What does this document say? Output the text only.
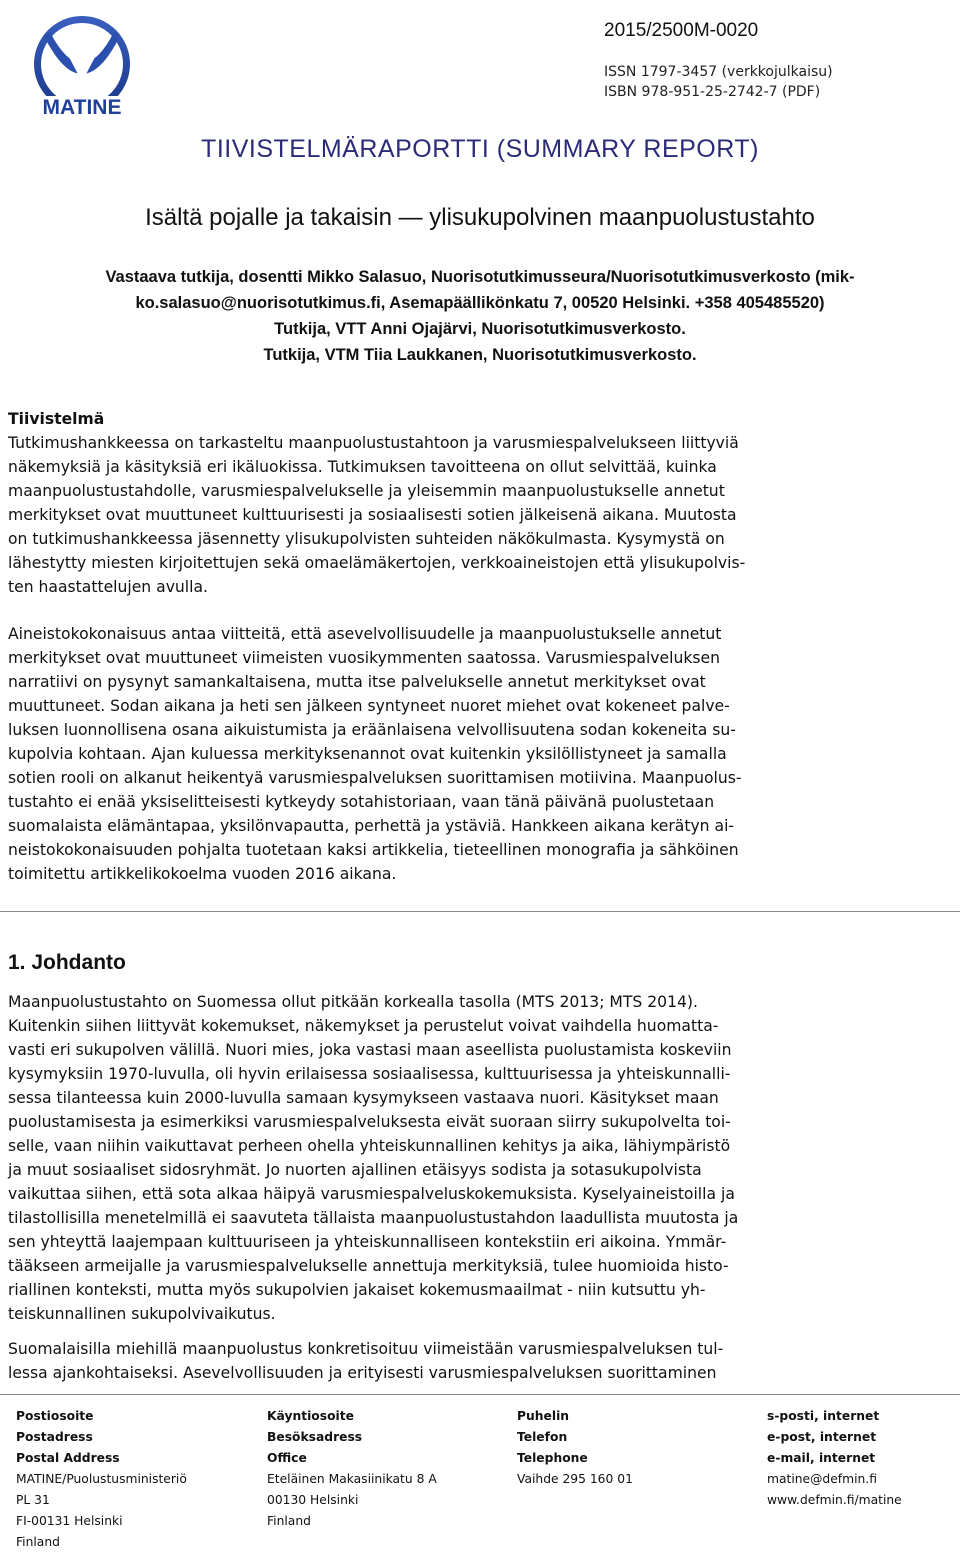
MATINE
2015/2500M-0020
ISSN 1797-3457 (verkkojulkaisu)
ISBN 978-951-25-2742-7 (PDF)
TIIVISTELMÄRAPORTTI (SUMMARY REPORT)
Isältä pojalle ja takaisin — ylisukupolvinen maanpuolustustahto
Vastaava tutkija, dosentti Mikko Salasuo, Nuorisotutkimusseura/Nuorisotutkimusverkosto (mik-
ko.salasuo@nuorisotutkimus.fi, Asemapäällikönkatu 7, 00520 Helsinki. +358 405485520)
Tutkija, VTT Anni Ojajärvi, Nuorisotutkimusverkosto.
Tutkija, VTM Tiia Laukkanen, Nuorisotutkimusverkosto.
Tiivistelmä

Tutkimushankkeessa on tarkasteltu maanpuolustustahtoon ja varusmiespalvelukseen liittyviä
näkemyksiä ja käsityksiä eri ikäluokissa. Tutkimuksen tavoitteena on ollut selvittää, kuinka
maanpuolustustahdolle, varusmiespalvelukselle ja yleisemmin maanpuolustukselle annetut
merkitykset ovat muuttuneet kulttuurisesti ja sosiaalisesti sotien jälkeisenä aikana. Muutosta
on tutkimushankkeessa jäsennetty ylisukupolvisten suhteiden näkökulmasta. Kysymystä on
lähestytty miesten kirjoitettujen sekä omaelämäkertojen, verkkoaineistojen että ylisukupolvis-
ten haastattelujen avulla.

Aineistokokonaisuus antaa viitteitä, että asevelvollisuudelle ja maanpuolustukselle annetut
merkitykset ovat muuttuneet viimeisten vuosikymmenten saatossa. Varusmiespalveluksen
narratiivi on pysynyt samankaltaisena, mutta itse palvelukselle annetut merkitykset ovat
muuttuneet. Sodan aikana ja heti sen jälkeen syntyneet nuoret miehet ovat kokeneet palve-
luksen luonnollisena osana aikuistumista ja eräänlaisena velvollisuutena sodan kokeneita su-
kupolvia kohtaan. Ajan kuluessa merkityksenannot ovat kuitenkin yksilöllistyneet ja samalla
sotien rooli on alkanut heikentyä varusmiespalveluksen suorittamisen motiivina. Maanpuolus-
tustahto ei enää yksiselitteisesti kytkeydy sotahistoriaan, vaan tänä päivänä puolustetaan
suomalaista elämäntapaa, yksilönvapautta, perhettä ja ystäviä. Hankkeen aikana kerätyn ai-
neistokokonaisuuden pohjalta tuotetaan kaksi artikkelia, tieteellinen monografia ja sähköinen
toimitettu artikkelikokoelma vuoden 2016 aikana.
1. Johdanto
Maanpuolustustahto on Suomessa ollut pitkään korkealla tasolla (MTS 2013; MTS 2014).
Kuitenkin siihen liittyvät kokemukset, näkemykset ja perustelut voivat vaihdella huomatta-
vasti eri sukupolven välillä. Nuori mies, joka vastasi maan aseellista puolustamista koskeviin
kysymyksiin 1970-luvulla, oli hyvin erilaisessa sosiaalisessa, kulttuurisessa ja yhteiskunnalli-
sessa tilanteessa kuin 2000-luvulla samaan kysymykseen vastaava nuori. Käsitykset maan
puolustamisesta ja esimerkiksi varusmiespalveluksesta eivät suoraan siirry sukupolvelta toi-
selle, vaan niihin vaikuttavat perheen ohella yhteiskunnallinen kehitys ja aika, lähiympäristö
ja muut sosiaaliset sidosryhmät. Jo nuorten ajallinen etäisyys sodista ja sotasukupolvista
vaikuttaa siihen, että sota alkaa häipyä varusmiespalveluskokemuksista. Kyselyaineistoilla ja
tilastollisilla menetelmillä ei saavuteta tällaista maanpuolustustahdon laadullista muutosta ja
sen yhteyttä laajempaan kulttuuriseen ja yhteiskunnalliseen kontekstiin eri aikoina. Ymmär-
tääkseen armeijalle ja varusmiespalvelukselle annettuja merkityksiä, tulee huomioida histo-
riallinen konteksti, mutta myös sukupolvien jakaiset kokemusmaailmat - niin kutsuttu yh-
teiskunnallinen sukupolvivaikutus.
Suomalaisilla miehillä maanpuolustus konkretisoituu viimeistään varusmiespalveluksen tul-
lessa ajankohtaiseksi. Asevelvollisuuden ja erityisesti varusmiespalveluksen suorittaminen
Postiosoite
Postadress
Postal Address
MATINE/Puolustusministeriö
PL 31
FI-00131 Helsinki
Finland
Käyntiosoite
Besöksadress
Office
Eteläinen Makasiinikatu 8 A
00130 Helsinki
Finland
Puhelin
Telefon
Telephone
Vaihde 295 160 01
s-posti, internet
e-post, internet
e-mail, internet
matine@defmin.fi
www.defmin.fi/matine
